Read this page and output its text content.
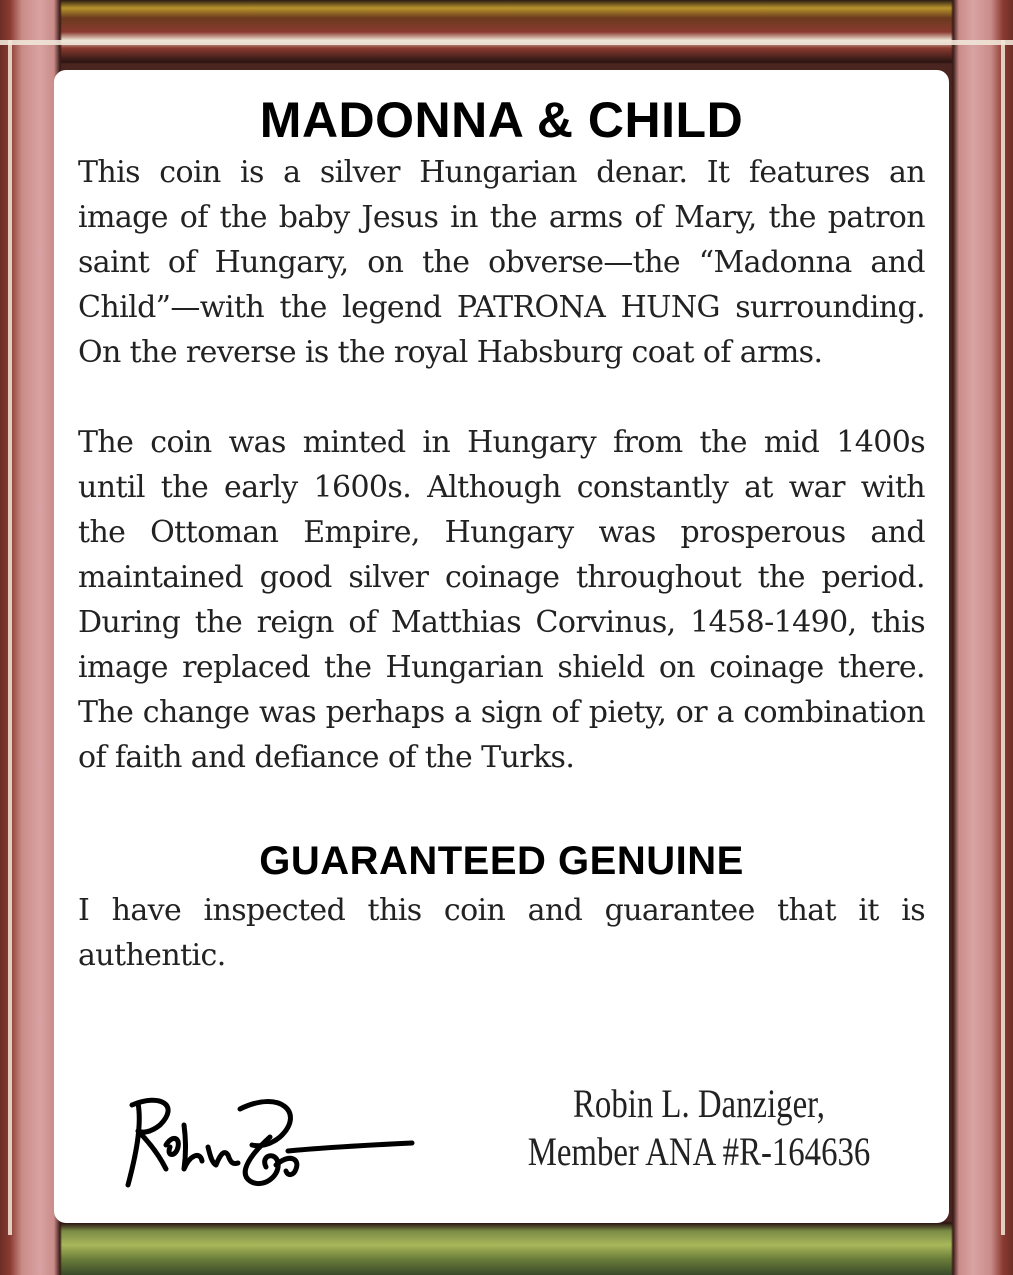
MADONNA & CHILD

This coin is a silver Hungarian denar. It features an image of the baby Jesus in the arms of Mary, the patron saint of Hungary, on the obverse—the “Madonna and Child”—with the legend PATRONA HUNG surrounding. On the reverse is the royal Habsburg coat of arms.

The coin was minted in Hungary from the mid 1400s until the early 1600s. Although constantly at war with the Ottoman Empire, Hungary was prosperous and maintained good silver coinage throughout the period. During the reign of Matthias Corvinus, 1458-1490, this image replaced the Hungarian shield on coinage there. The change was perhaps a sign of piety, or a combination of faith and defiance of the Turks.

GUARANTEED GENUINE

I have inspected this coin and guarantee that it is authentic.

Robin L. Danziger,
Member ANA #R-164636
